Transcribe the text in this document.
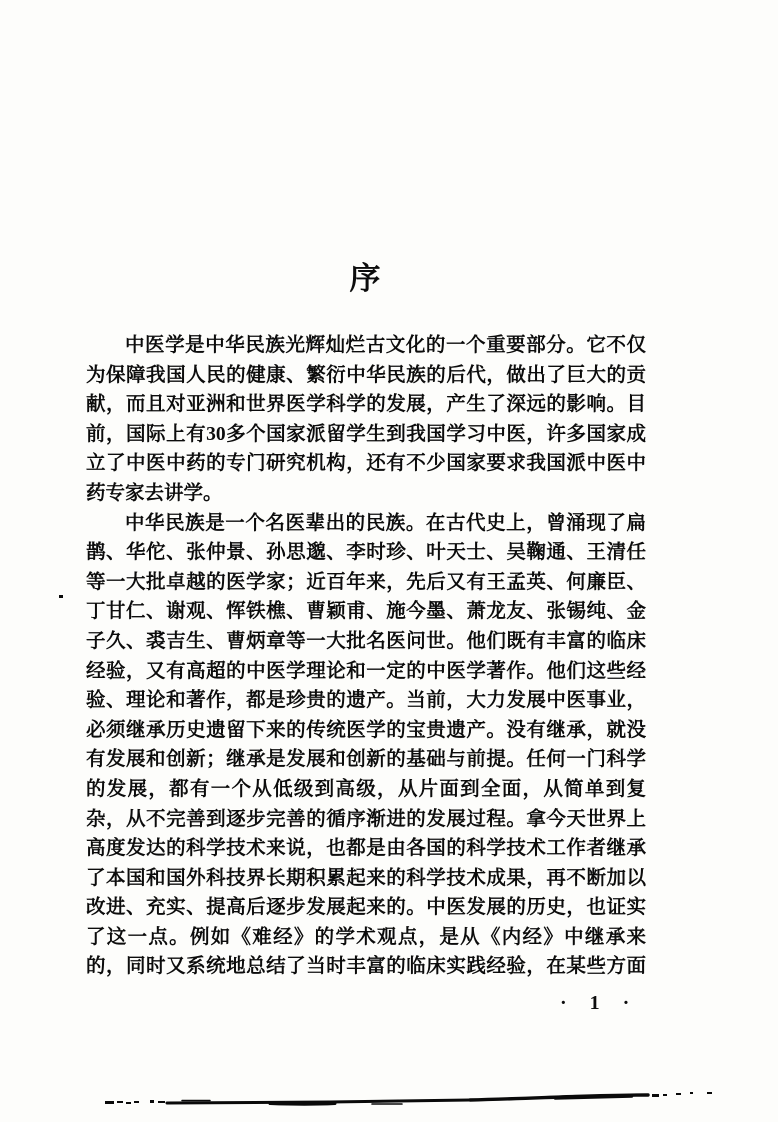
序
中医学是中华民族光辉灿烂古文化的一个重要部分。它不仅
为保障我国人民的健康、繁衍中华民族的后代，做出了巨大的贡
献，而且对亚洲和世界医学科学的发展，产生了深远的影响。目
前，国际上有30多个国家派留学生到我国学习中医，许多国家成
立了中医中药的专门研究机构，还有不少国家要求我国派中医中
药专家去讲学。
中华民族是一个名医辈出的民族。在古代史上，曾涌现了扁
鹊、华佗、张仲景、孙思邈、李时珍、叶天士、吴鞠通、王清任
等一大批卓越的医学家；近百年来，先后又有王孟英、何廉臣、
丁甘仁、谢观、恽铁樵、曹颖甫、施今墨、萧龙友、张锡纯、金
子久、裘吉生、曹炳章等一大批名医问世。他们既有丰富的临床
经验，又有高超的中医学理论和一定的中医学著作。他们这些经
验、理论和著作，都是珍贵的遗产。当前，大力发展中医事业，
必须继承历史遗留下来的传统医学的宝贵遗产。没有继承，就没
有发展和创新；继承是发展和创新的基础与前提。任何一门科学
的发展，都有一个从低级到高级，从片面到全面，从简单到复
杂，从不完善到逐步完善的循序渐进的发展过程。拿今天世界上
高度发达的科学技术来说，也都是由各国的科学技术工作者继承
了本国和国外科技界长期积累起来的科学技术成果，再不断加以
改进、充实、提高后逐步发展起来的。中医发展的历史，也证实
了这一点。例如《难经》的学术观点，是从《内经》中继承来
的，同时又系统地总结了当时丰富的临床实践经验，在某些方面
· 1 ·
